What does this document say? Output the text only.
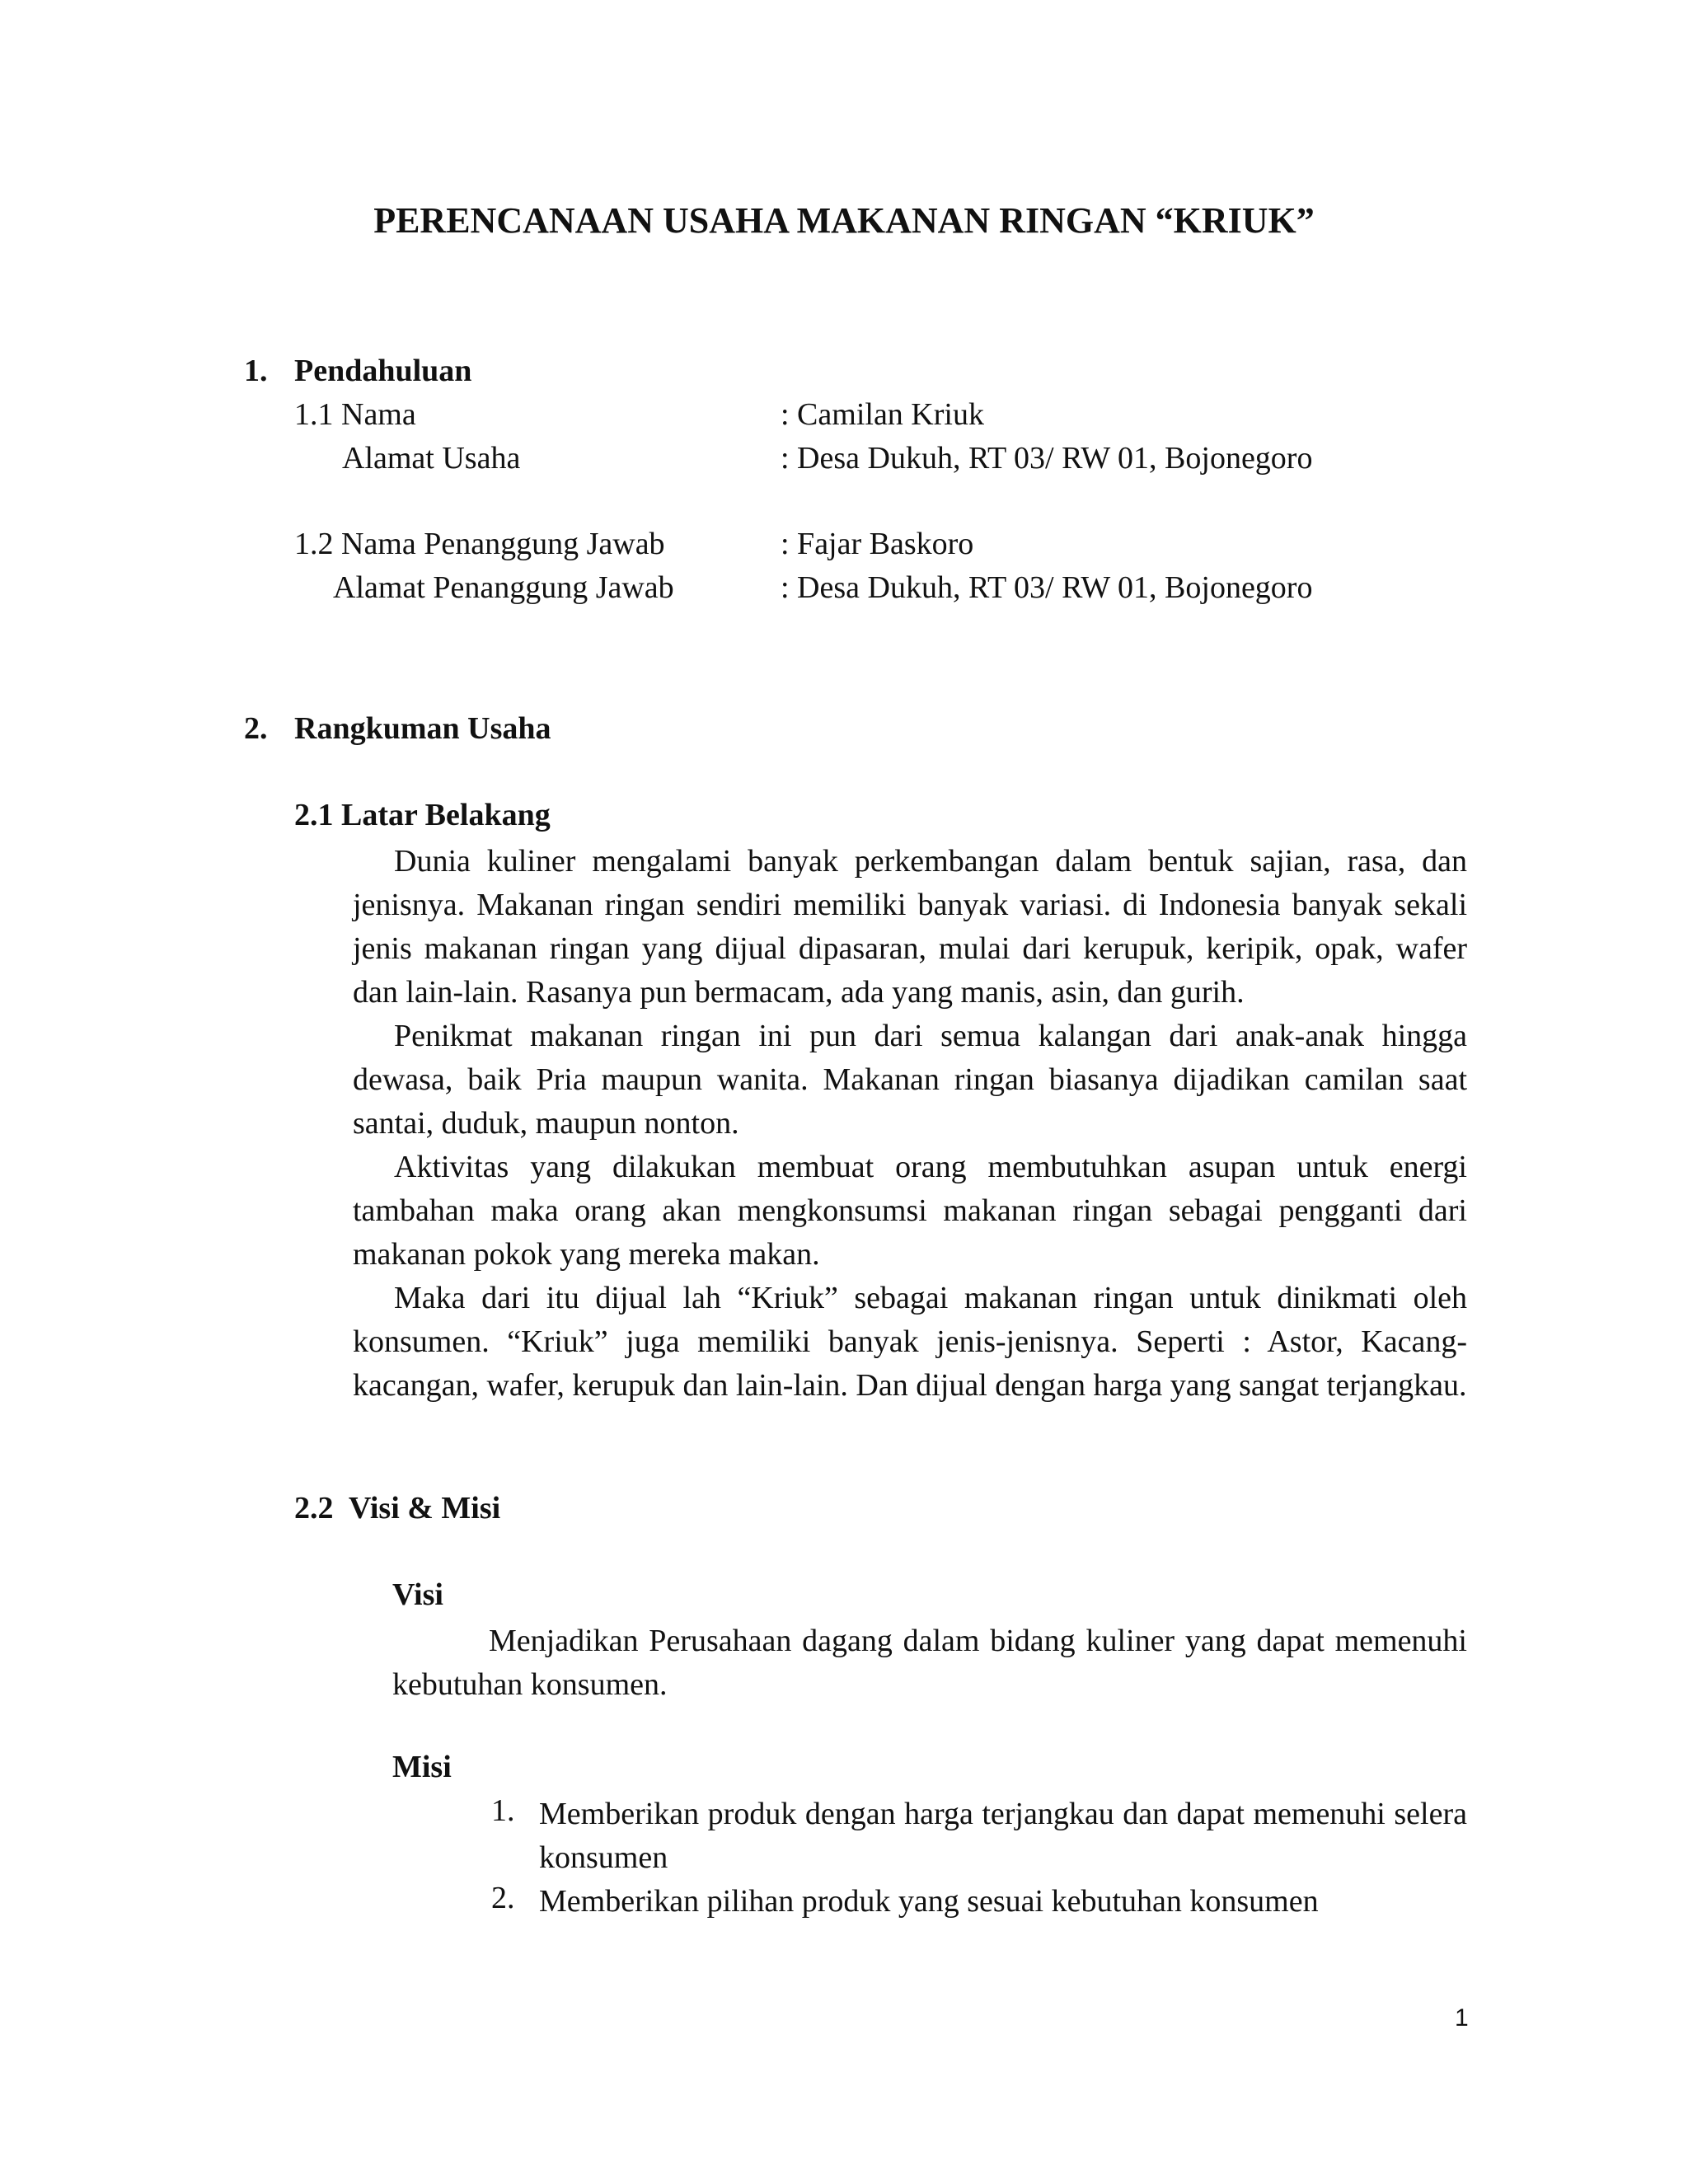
PERENCANAAN USAHA MAKANAN RINGAN “KRIUK”
1. Pendahuluan
1.1 Nama	: Camilan Kriuk
Alamat Usaha	: Desa Dukuh, RT 03/ RW 01, Bojonegoro
1.2 Nama Penanggung Jawab	: Fajar Baskoro
Alamat Penanggung Jawab	: Desa Dukuh, RT 03/ RW 01, Bojonegoro
2. Rangkuman Usaha
2.1 Latar Belakang

Dunia kuliner mengalami banyak perkembangan dalam bentuk sajian, rasa, dan jenisnya. Makanan ringan sendiri memiliki banyak variasi. di Indonesia banyak sekali jenis makanan ringan yang dijual dipasaran, mulai dari kerupuk, keripik, opak, wafer dan lain-lain. Rasanya pun bermacam, ada yang manis, asin, dan gurih.

Penikmat makanan ringan ini pun dari semua kalangan dari anak-anak hingga dewasa, baik Pria maupun wanita. Makanan ringan biasanya dijadikan camilan saat santai, duduk, maupun nonton.

Aktivitas yang dilakukan membuat orang membutuhkan asupan untuk energi tambahan maka orang akan mengkonsumsi makanan ringan sebagai pengganti dari makanan pokok yang mereka makan.

Maka dari itu dijual lah “Kriuk” sebagai makanan ringan untuk dinikmati oleh konsumen. “Kriuk” juga memiliki banyak jenis-jenisnya. Seperti : Astor, Kacang-kacangan, wafer, kerupuk dan lain-lain. Dan dijual dengan harga yang sangat terjangkau.

2.2  Visi & Misi
Visi

Menjadikan Perusahaan dagang dalam bidang kuliner yang dapat memenuhi kebutuhan konsumen.

Misi
1. Memberikan produk dengan harga terjangkau dan dapat memenuhi selera konsumen

2. Memberikan pilihan produk yang sesuai kebutuhan konsumen

1
